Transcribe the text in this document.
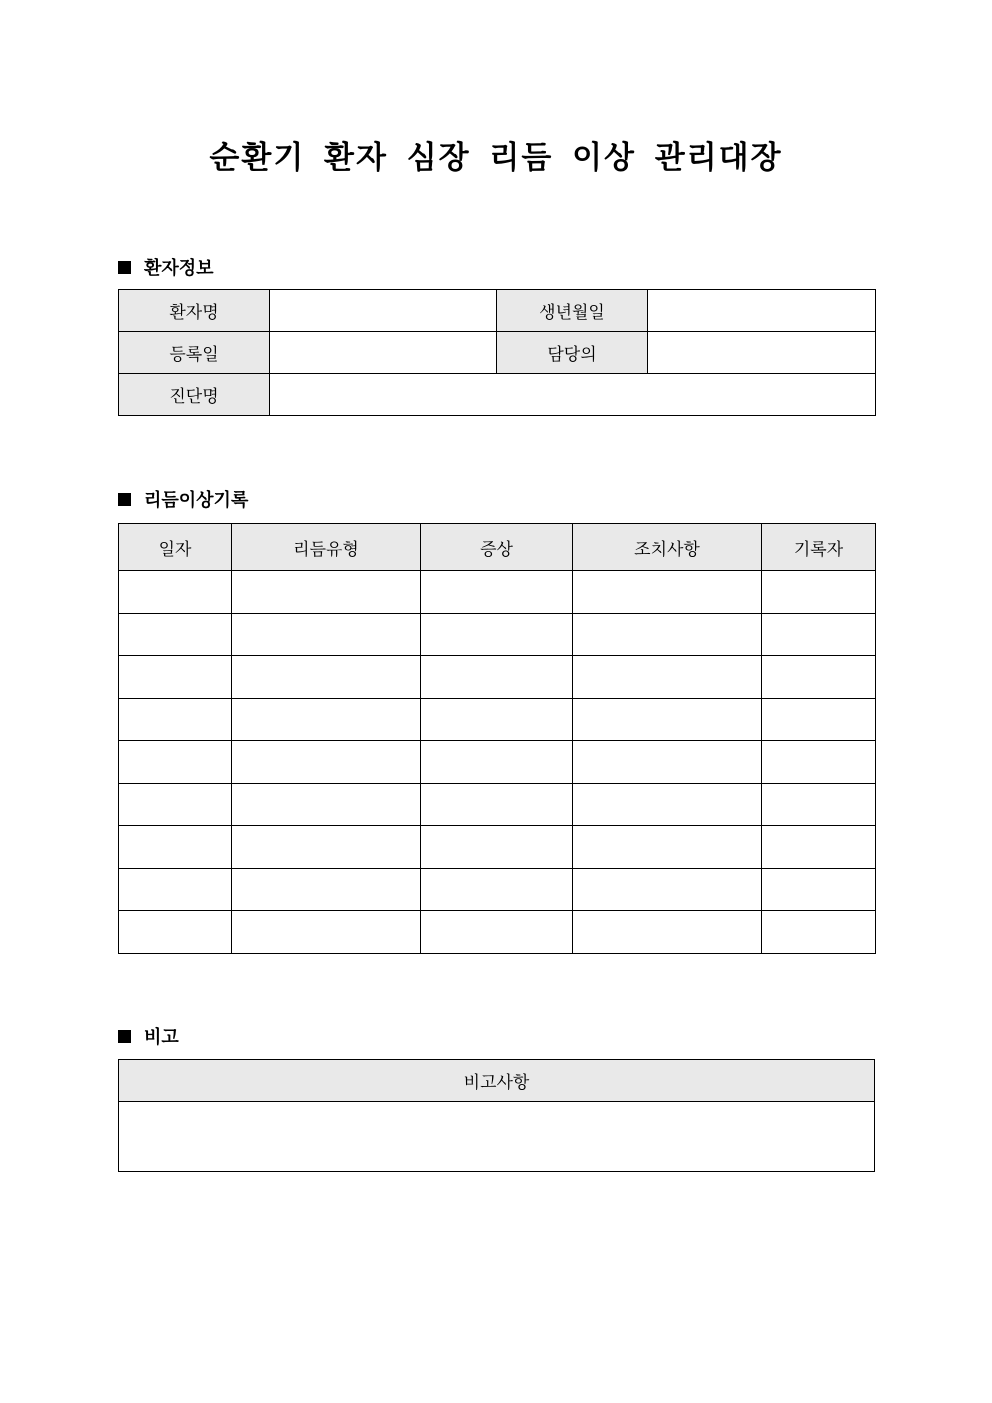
순환기 환자 심장 리듬 이상 관리대장
환자정보
환자명		생년월일	
등록일		담당의	
진단명			
리듬이상기록
일자	리듬유형	증상	조치사항	기록자

비고
비고사항
